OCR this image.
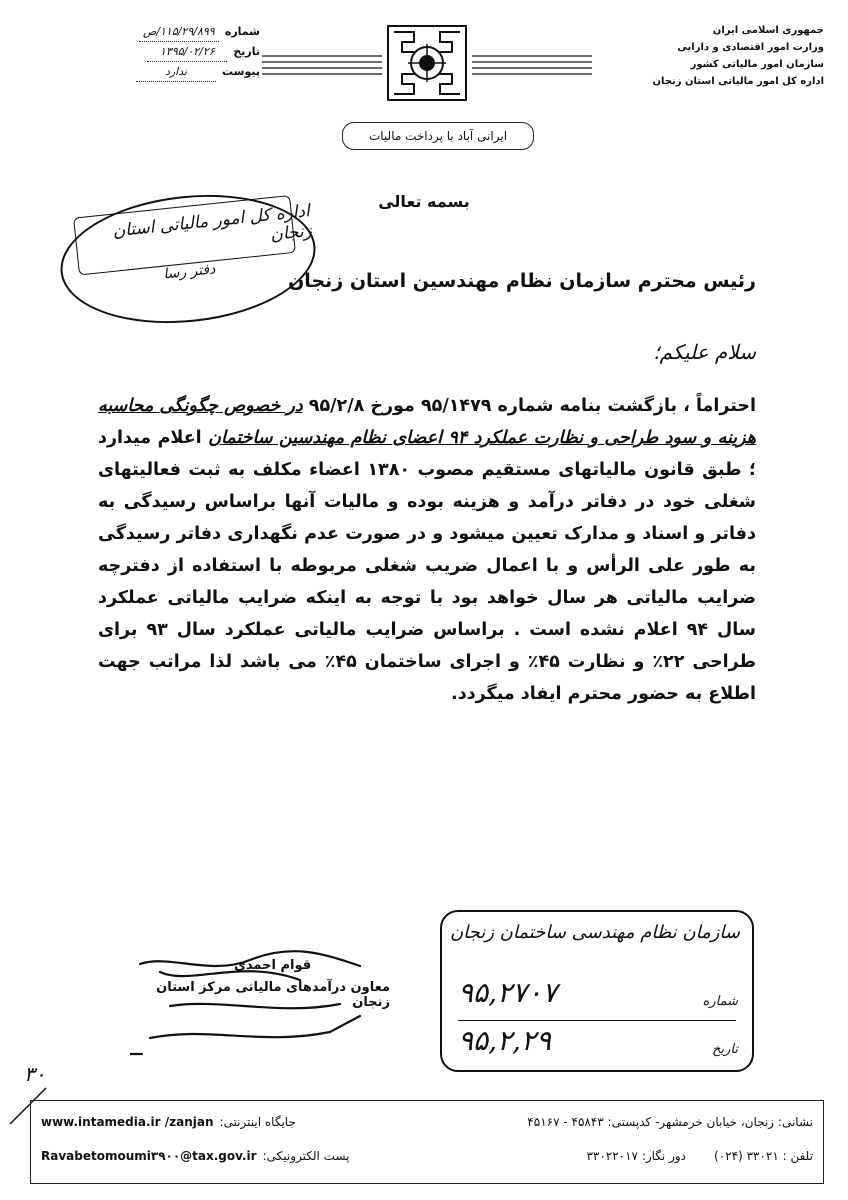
جمهوری اسلامی ایران
وزارت امور اقتصادی و دارایی
سازمان امور مالیاتی کشور
اداره کل امور مالیاتی استان زنجان
شماره
۱۱۵/۲۹/۸۹۹/ص
تاریخ
۱۳۹۵/۰۲/۲۶
پیوست
ندارد
ایرانی آباد با پرداخت مالیات
بسمه تعالی
اداره کل امور مالیاتی استان زنجان
دفتر رسا	رئیس محترم سازمان نظام مهندسین استان زنجان
سلام علیکم؛
احتراماً ، بازگشت بنامه شماره ۹۵/۱۴۷۹ مورخ ۹۵/۲/۸ در خصوص چگونگی محاسبه هزینه و سود طراحی و نظارت عملکرد ۹۴ اعضای نظام مهندسین ساختمان اعلام میدارد ؛ طبق قانون مالیاتهای مستقیم مصوب ۱۳۸۰ اعضاء مکلف به ثبت فعالیتهای شغلی خود در دفاتر درآمد و هزینه بوده و مالیات آنها براساس رسیدگی به دفاتر و اسناد و مدارک تعیین میشود و در صورت عدم نگهداری دفاتر رسیدگی به طور علی الرأس و با اعمال ضریب شغلی مربوطه با استفاده از دفترچه ضرایب مالیاتی هر سال خواهد بود با توجه به اینکه ضرایب مالیاتی عملکرد سال ۹۴ اعلام نشده است . براساس ضرایب مالیاتی عملکرد سال ۹۳ برای طراحی ۲۲٪ و نظارت ۴۵٪ و اجرای ساختمان ۴۵٪ می باشد لذا مراتب جهت اطلاع به حضور محترم ایفاد میگردد.
قوام احمدی
معاون درآمدهای مالیاتی مرکز استان زنجان
سازمان نظام مهندسی ساختمان زنجان
شماره
۹۵,۲۷۰۷
تاریخ
۹۵,۲,۲۹
۳۰
نشانی: زنجان، خیابان خرمشهر- کدپستی: ۴۵۸۴۳ - ۴۵۱۶۷
جایگاه اینترنتی:
www.intamedia.ir /zanjan
تلفن : ۳۳۰۲۱ (۰۲۴)
دور نگار: ۳۳۰۲۲۰۱۷
پست الکترونیکی:
Ravabetomoumi۳۹۰۰@tax.gov.ir
